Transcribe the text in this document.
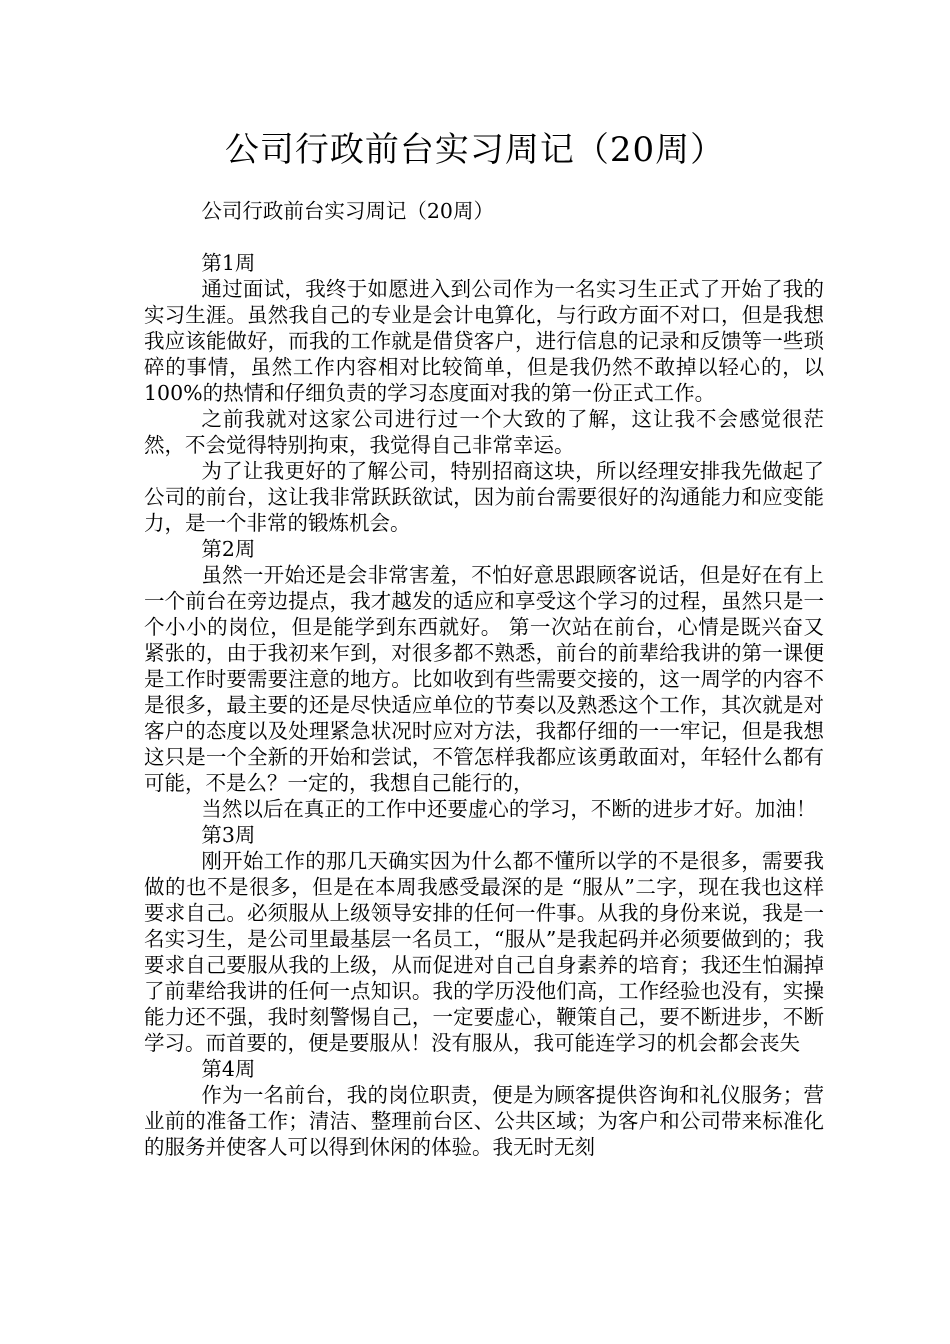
公司行政前台实习周记（20周）

公司行政前台实习周记（20周）

第1周

通过面试，我终于如愿进入到公司作为一名实习生正式了开始了我的实习生涯。虽然我自己的专业是会计电算化，与行政方面不对口，但是我想我应该能做好，而我的工作就是借贷客户，进行信息的记录和反馈等一些琐碎的事情，虽然工作内容相对比较简单，但是我仍然不敢掉以轻心的，以100%的热情和仔细负责的学习态度面对我的第一份正式工作。

之前我就对这家公司进行过一个大致的了解，这让我不会感觉很茫然，不会觉得特别拘束，我觉得自己非常幸运。

为了让我更好的了解公司，特别招商这块，所以经理安排我先做起了公司的前台，这让我非常跃跃欲试，因为前台需要很好的沟通能力和应变能力，是一个非常的锻炼机会。

第2周

虽然一开始还是会非常害羞，不怕好意思跟顾客说话，但是好在有上一个前台在旁边提点，我才越发的适应和享受这个学习的过程，虽然只是一个小小的岗位，但是能学到东西就好。 第一次站在前台，心情是既兴奋又紧张的，由于我初来乍到，对很多都不熟悉，前台的前辈给我讲的第一课便是工作时要需要注意的地方。比如收到有些需要交接的，这一周学的内容不是很多，最主要的还是尽快适应单位的节奏以及熟悉这个工作，其次就是对客户的态度以及处理紧急状况时应对方法，我都仔细的一一牢记，但是我想这只是一个全新的开始和尝试，不管怎样我都应该勇敢面对，年轻什么都有可能，不是么？一定的，我想自己能行的，

当然以后在真正的工作中还要虚心的学习，不断的进步才好。加油！

第3周

刚开始工作的那几天确实因为什么都不懂所以学的不是很多，需要我做的也不是很多，但是在本周我感受最深的是 “服从”二字，现在我也这样要求自己。必须服从上级领导安排的任何一件事。从我的身份来说，我是一名实习生，是公司里最基层一名员工，“服从”是我起码并必须要做到的；我要求自己要服从我的上级，从而促进对自己自身素养的培育；我还生怕漏掉了前辈给我讲的任何一点知识。我的学历没他们高，工作经验也没有，实操能力还不强，我时刻警惕自己，一定要虚心，鞭策自己，要不断进步，不断学习。而首要的，便是要服从！没有服从，我可能连学习的机会都会丧失

第4周

作为一名前台，我的岗位职责，便是为顾客提供咨询和礼仪服务；营业前的准备工作；清洁、整理前台区、公共区域；为客户和公司带来标准化的服务并使客人可以得到休闲的体验。我无时无刻
